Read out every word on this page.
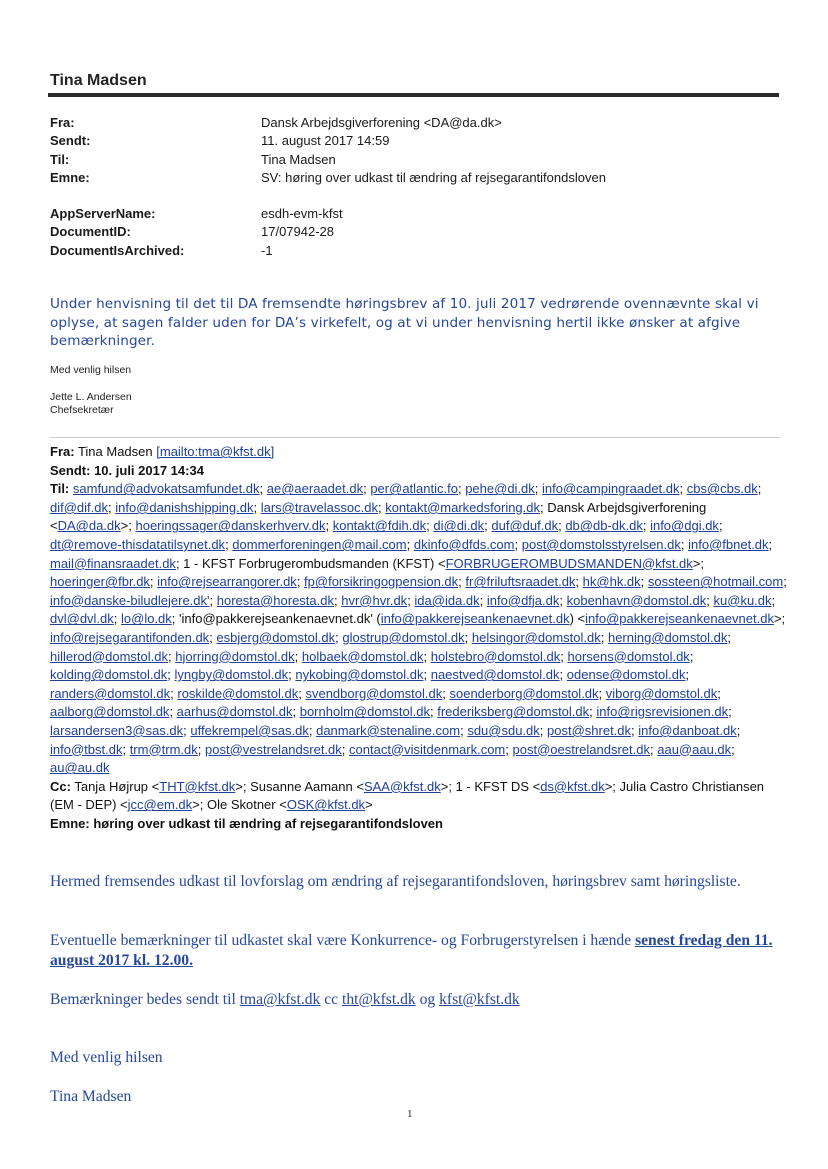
Tina Madsen
Fra:	Dansk Arbejdsgiverforening <DA@da.dk>
Sendt:	11. august 2017 14:59
Til:	Tina Madsen
Emne:	SV: høring over udkast til ændring af rejsegarantifondsloven
AppServerName:	esdh-evm-kfst
DocumentID:	17/07942-28
DocumentIsArchived:	-1
Under henvisning til det til DA fremsendte høringsbrev af 10. juli 2017 vedrørende ovennævnte skal vi oplyse, at sagen falder uden for DA’s virkefelt, og at vi under henvisning hertil ikke ønsker at afgive bemærkninger.
Med venlig hilsen
Jette L. Andersen
Chefsekretær
Fra: Tina Madsen [mailto:tma@kfst.dk]
Sendt: 10. juli 2017 14:34
Til: samfund@advokatsamfundet.dk; ae@aeraadet.dk; per@atlantic.fo; pehe@di.dk; info@campingraadet.dk; cbs@cbs.dk; dif@dif.dk; info@danishshipping.dk; lars@travelassoc.dk; kontakt@markedsforing.dk; Dansk Arbejdsgiverforening <DA@da.dk>; hoeringssager@danskerhverv.dk; kontakt@fdih.dk; di@di.dk; duf@duf.dk; db@db-dk.dk; info@dgi.dk; dt@remove-thisdatatilsynet.dk; dommerforeningen@mail.com; dkinfo@dfds.com; post@domstolsstyrelsen.dk; info@fbnet.dk; mail@finansraadet.dk; 1 - KFST Forbrugerombudsmanden (KFST) <FORBRUGEROMBUDSMANDEN@kfst.dk>; hoeringer@fbr.dk; info@rejsearrangorer.dk; fp@forsikringogpension.dk; fr@friluftsraadet.dk; hk@hk.dk; sossteen@hotmail.com; info@danske-biludlejere.dk'; horesta@horesta.dk; hvr@hvr.dk; ida@ida.dk; info@dfja.dk; kobenhavn@domstol.dk; ku@ku.dk; dvl@dvl.dk; lo@lo.dk; 'info@pakkerejseankenaevnet.dk' (info@pakkerejseankenaevnet.dk) <info@pakkerejseankenaevnet.dk>; info@rejsegarantifonden.dk; esbjerg@domstol.dk; glostrup@domstol.dk; helsingor@domstol.dk; herning@domstol.dk; hillerod@domstol.dk; hjorring@domstol.dk; holbaek@domstol.dk; holstebro@domstol.dk; horsens@domstol.dk; kolding@domstol.dk; lyngby@domstol.dk; nykobing@domstol.dk; naestved@domstol.dk; odense@domstol.dk; randers@domstol.dk; roskilde@domstol.dk; svendborg@domstol.dk; soenderborg@domstol.dk; viborg@domstol.dk; aalborg@domstol.dk; aarhus@domstol.dk; bornholm@domstol.dk; frederiksberg@domstol.dk; info@rigsrevisionen.dk; larsandersen3@sas.dk; uffekrempel@sas.dk; danmark@stenaline.com; sdu@sdu.dk; post@shret.dk; info@danboat.dk; info@tbst.dk; trm@trm.dk; post@vestrelandsret.dk; contact@visitdenmark.com; post@oestrelandsret.dk; aau@aau.dk; au@au.dk
Cc: Tanja Højrup <THT@kfst.dk>; Susanne Aamann <SAA@kfst.dk>; 1 - KFST DS <ds@kfst.dk>; Julia Castro Christiansen (EM - DEP) <jcc@em.dk>; Ole Skotner <OSK@kfst.dk>
Emne: høring over udkast til ændring af rejsegarantifondsloven
Hermed fremsendes udkast til lovforslag om ændring af rejsegarantifondsloven, høringsbrev samt høringsliste.
Eventuelle bemærkninger til udkastet skal være Konkurrence- og Forbrugerstyrelsen i hænde senest fredag den 11. august 2017 kl. 12.00.
Bemærkninger bedes sendt til tma@kfst.dk cc tht@kfst.dk og kfst@kfst.dk
Med venlig hilsen
Tina Madsen
1
